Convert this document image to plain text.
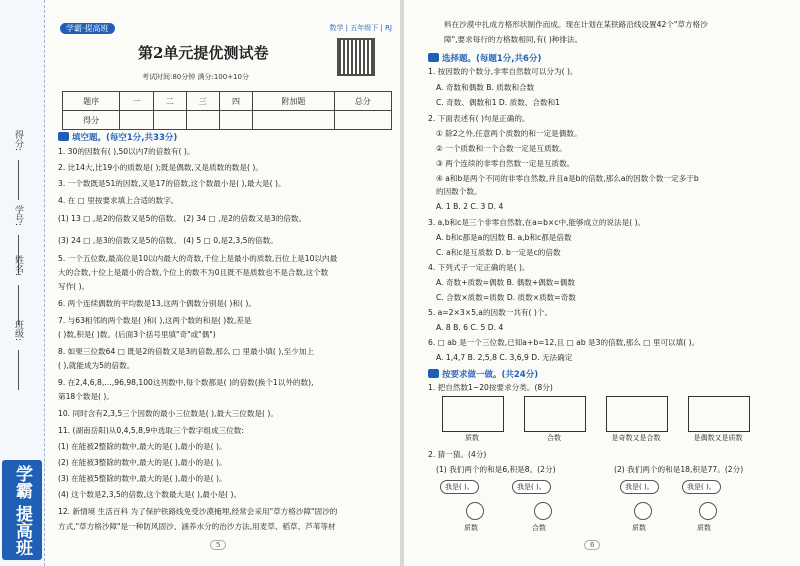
得分:
学号:
姓名:
班级:
学霸 提高班
学霸·提高班	数学 | 五年级下 | RJ
第2单元提优测试卷
考试时间:80分钟 满分:100+10分
题序	一	二	三	四	附加题	总分
得分						
填空题。(每空1分,共33分)
1. 30的因数有( ),50以内7的倍数有( )。
2. 比14大,比19小的质数是( );既是偶数,又是质数的数是( )。
3. 一个数既是51的因数,又是17的倍数,这个数最小是( ),最大是( )。
4. 在 □ 里按要求填上合适的数字。
(1) 13 □ ,是2的倍数又是5的倍数。 (2) 34 □ ,是2的倍数又是3的倍数。
(3) 24 □ ,是3的倍数又是5的倍数。 (4) 5 □ 0,是2,3,5的倍数。
5. 一个五位数,最高位是10以内最大的奇数,千位上是最小的质数,百位上是10以内最
大的合数,十位上是最小的合数,个位上的数不为0且既不是质数也不是合数,这个数
写作( )。
6. 两个连续偶数的平均数是13,这两个偶数分别是( )和( )。
7. 与63相邻的两个数是( )和( ),这两个数的和是( )数,差是
( )数,积是( )数。(后面3个括号里填"奇"或"偶")
8. 如果三位数64 □ 既是2的倍数又是3的倍数,那么 □ 里最小填( ),至少加上
( ),就能成为5的倍数。
9. 在2,4,6,8,…,96,98,100这列数中,每个数都是( )的倍数(换个1以外的数),
第18个数是( )。
10. 同时含有2,3,5三个因数的最小三位数是( ),最大三位数是( )。
11. (湖南岳阳)从0,4,5,8,9中选取三个数字组成三位数:
(1) 在能被2整除的数中,最大的是( ),最小的是( )。
(2) 在能被3整除的数中,最大的是( ),最小的是( )。
(3) 在能被5整除的数中,最大的是( ),最小的是( )。
(4) 这个数是2,3,5的倍数,这个数最大是( ),最小是( )。
12. 新情境 生活百科 为了保护铁路线免受沙漠掩埋,经常会采用"草方格沙障"固沙的
方式,"草方格沙障"是一种防风固沙、涵养水分的治沙方法,用麦草、稻草、芦苇等材
5
料在沙漠中扎成方格形状制作而成。现在计划在某铁路沿线设置42个"草方格沙
障",要求每行的方格数相同,有( )种排法。
选择题。(每题1分,共6分)
1. 按因数的个数分,非零自然数可以分为( )。
A. 奇数和偶数 B. 质数和合数
C. 奇数、偶数和1 D. 质数、合数和1
2. 下面表述有( )句是正确的。
① 除2之外,任意两个质数的和一定是偶数。
② 一个质数和一个合数一定是互质数。
③ 两个连续的非零自然数一定是互质数。
④ a和b是两个不同的非零自然数,并且a是b的倍数,那么a的因数个数一定多于b
的因数个数。
A. 1 B. 2 C. 3 D. 4
3. a,b和c是三个非零自然数,在a=b×c中,能够成立的说法是( )。
A. b和c都是a的因数 B. a,b和c都是倍数
C. a和c是互质数 D. b一定是c的倍数
4. 下列式子一定正确的是( )。
A. 奇数+质数=偶数 B. 偶数+偶数=偶数
C. 合数×质数=质数 D. 质数×质数=奇数
5. a=2×3×5,a的因数一共有( )个。
A. 8 B. 6 C. 5 D. 4
6. □ ab 是一个三位数,已知a+b=12,且 □ ab 是3的倍数,那么 □ 里可以填( )。
A. 1,4,7 B. 2,5,8 C. 3,6,9 D. 无法确定
按要求做一做。(共24分)
1. 把自然数1~20按要求分类。(8分)
质数	合数	是奇数又是合数	是偶数又是质数
2. 猜一猜。(4分)
(1) 我们两个的和是6,积是8。(2分)	(2) 我们两个的和是18,积是77。(2分)
我是( )。	我是( )。	我是( )。	我是( )。
质数	合数	质数	质数
6
